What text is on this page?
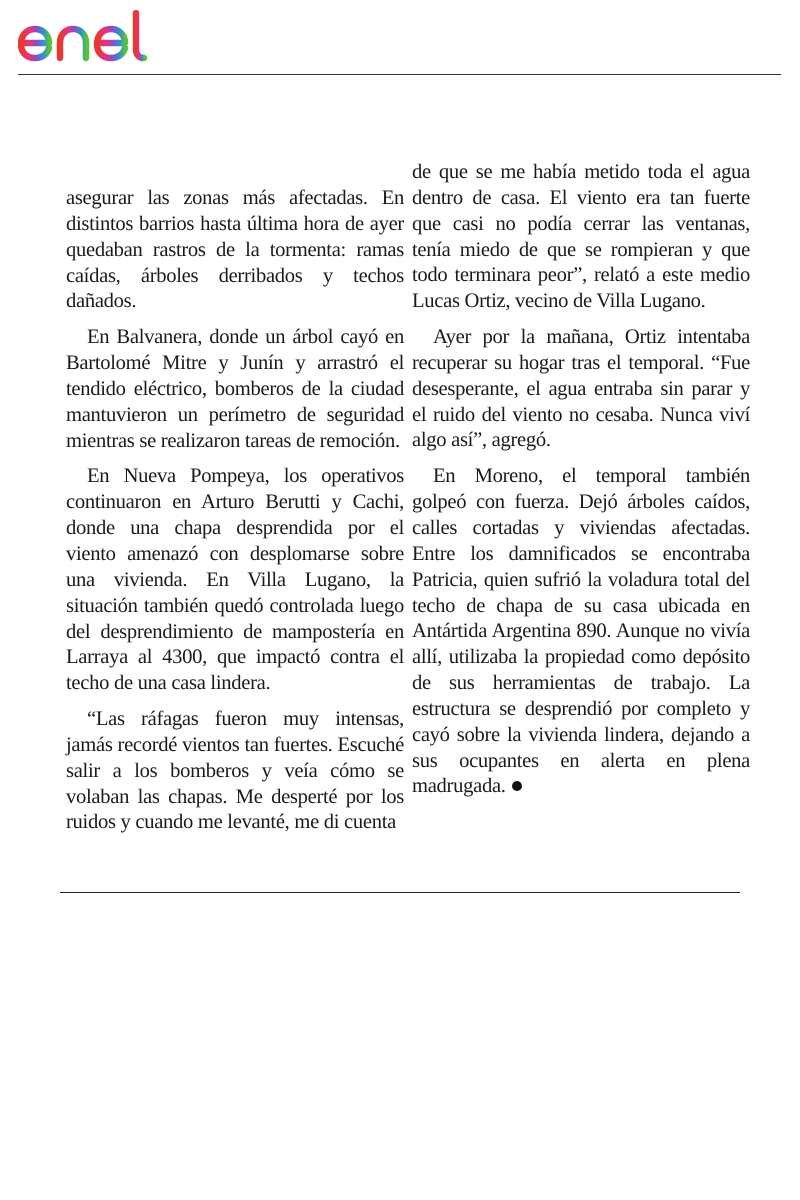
asegurar las zonas más afectadas. En distintos barrios hasta última hora de ayer quedaban rastros de la tormenta: ramas caídas, árboles derribados y techos dañados.

En Balvanera, donde un árbol cayó en Bartolomé Mitre y Junín y arrastró el tendido eléctrico, bomberos de la ciudad mantuvieron un perímetro de seguridad mientras se realizaron tareas de remoción.

En Nueva Pompeya, los operativos continuaron en Arturo Berutti y Cachi, donde una chapa desprendida por el viento amenazó con desplomarse sobre una vivienda. En Villa Lugano, la situación también quedó controlada luego del desprendimiento de mampostería en Larraya al 4300, que impactó contra el techo de una casa lindera.

“Las ráfagas fueron muy intensas, jamás recordé vientos tan fuertes. Escuché salir a los bomberos y veía cómo se volaban las chapas. Me desperté por los ruidos y cuando me levanté, me di cuenta

de que se me había metido toda el agua dentro de casa. El viento era tan fuerte que casi no podía cerrar las ventanas, tenía miedo de que se rompieran y que todo terminara peor”, relató a este medio Lucas Ortiz, vecino de Villa Lugano.

Ayer por la mañana, Ortiz intentaba recuperar su hogar tras el temporal. “Fue desesperante, el agua entraba sin parar y el ruido del viento no cesaba. Nunca viví algo así”, agregó.

En Moreno, el temporal también golpeó con fuerza. Dejó árboles caídos, calles cortadas y viviendas afectadas. Entre los damnificados se encontraba Patricia, quien sufrió la voladura total del techo de chapa de su casa ubicada en Antártida Argentina 890. Aunque no vivía allí, utilizaba la propiedad como depósito de sus herramientas de trabajo. La estructura se desprendió por completo y cayó sobre la vivienda lindera, dejando a sus ocupantes en alerta en plena madrugada.
